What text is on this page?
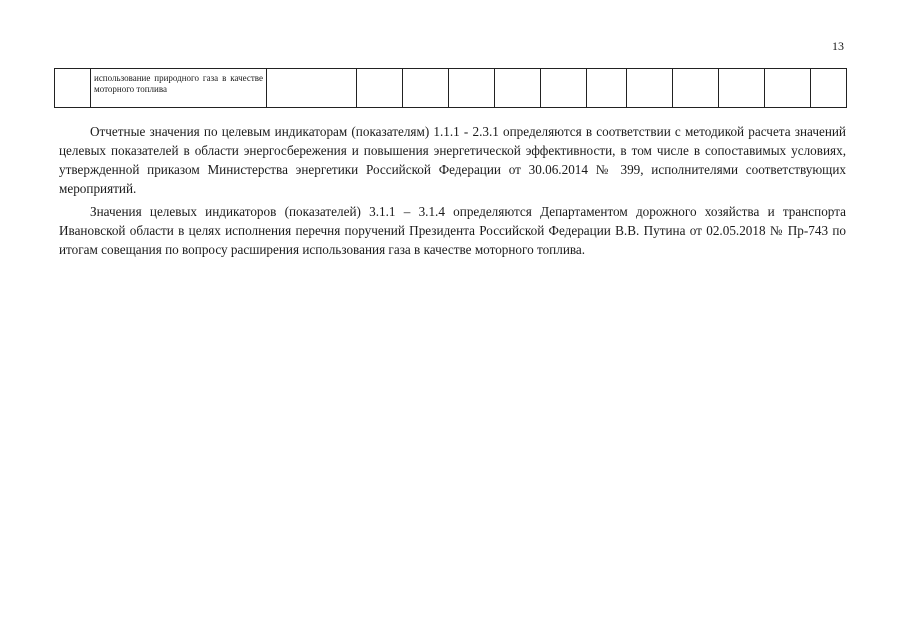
13
	использование природного газа в качестве моторного топлива												

Отчетные значения по целевым индикаторам (показателям) 1.1.1 - 2.3.1 определяются в соответствии с методикой расчета значений целевых показателей в области энергосбережения и повышения энергетической эффективности, в том числе в сопоставимых условиях, утвержденной приказом Министерства энергетики Российской Федерации от 30.06.2014 № 399, исполнителями соответствующих мероприятий.

Значения целевых индикаторов (показателей) 3.1.1 – 3.1.4 определяются Департаментом дорожного хозяйства и транспорта Ивановской области в целях исполнения перечня поручений Президента Российской Федерации В.В. Путина от 02.05.2018 № Пр-743 по итогам совещания по вопросу расширения использования газа в качестве моторного топлива.
